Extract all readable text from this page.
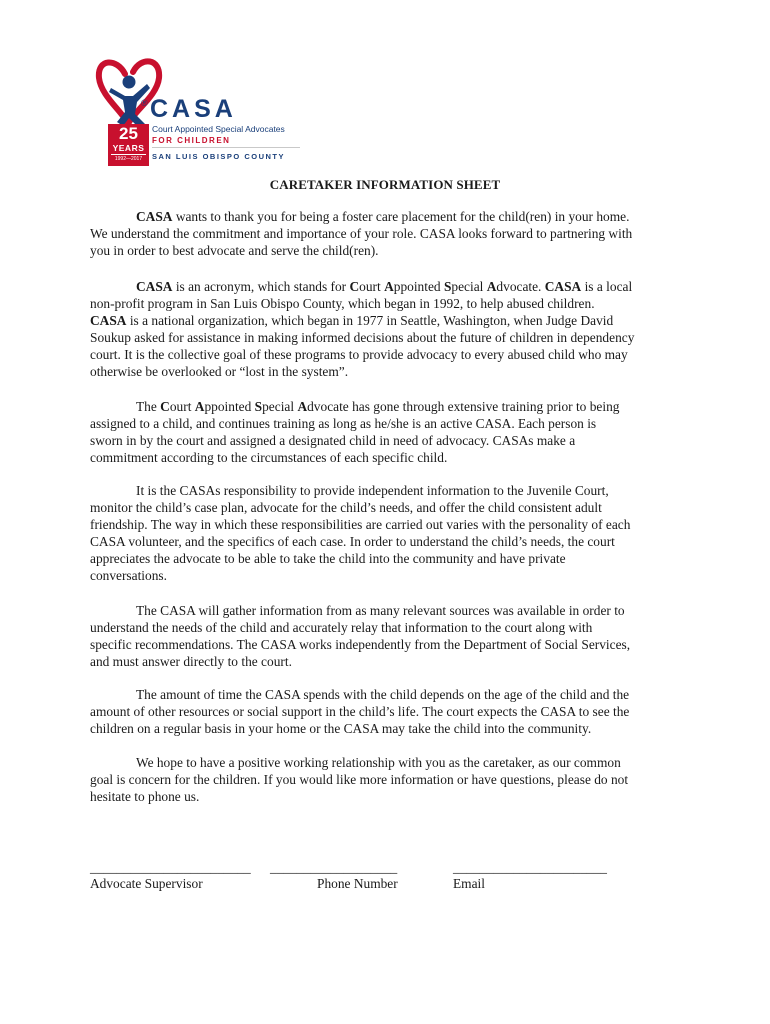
® CASA
Court Appointed Special Advocates
FOR CHILDREN
SAN LUIS OBISPO COUNTY
25
YEARS
1992—2017
CARETAKER INFORMATION SHEET

CASA wants to thank you for being a foster care placement for the child(ren) in your home.
We understand the commitment and importance of your role. CASA looks forward to partnering with
you in order to best advocate and serve the child(ren).

CASA is an acronym, which stands for Court Appointed Special Advocate. CASA is a local
non-profit program in San Luis Obispo County, which began in 1992, to help abused children.
CASA is a national organization, which began in 1977 in Seattle, Washington, when Judge David
Soukup asked for assistance in making informed decisions about the future of children in dependency
court. It is the collective goal of these programs to provide advocacy to every abused child who may
otherwise be overlooked or “lost in the system”.

The Court Appointed Special Advocate has gone through extensive training prior to being
assigned to a child, and continues training as long as he/she is an active CASA. Each person is
sworn in by the court and assigned a designated child in need of advocacy. CASAs make a
commitment according to the circumstances of each specific child.

It is the CASAs responsibility to provide independent information to the Juvenile Court,
monitor the child’s case plan, advocate for the child’s needs, and offer the child consistent adult
friendship. The way in which these responsibilities are carried out varies with the personality of each
CASA volunteer, and the specifics of each case. In order to understand the child’s needs, the court
appreciates the advocate to be able to take the child into the community and have private
conversations.

The CASA will gather information from as many relevant sources was available in order to
understand the needs of the child and accurately relay that information to the court along with
specific recommendations. The CASA works independently from the Department of Social Services,
and must answer directly to the court.

The amount of time the CASA spends with the child depends on the age of the child and the
amount of other resources or social support in the child’s life. The court expects the CASA to see the
children on a regular basis in your home or the CASA may take the child into the community.

We hope to have a positive working relationship with you as the caretaker, as our common
goal is concern for the children. If you would like more information or have questions, please do not
hesitate to phone us.

________________________ ___________________	_______________________
Advocate Supervisor	Phone Number	Email
